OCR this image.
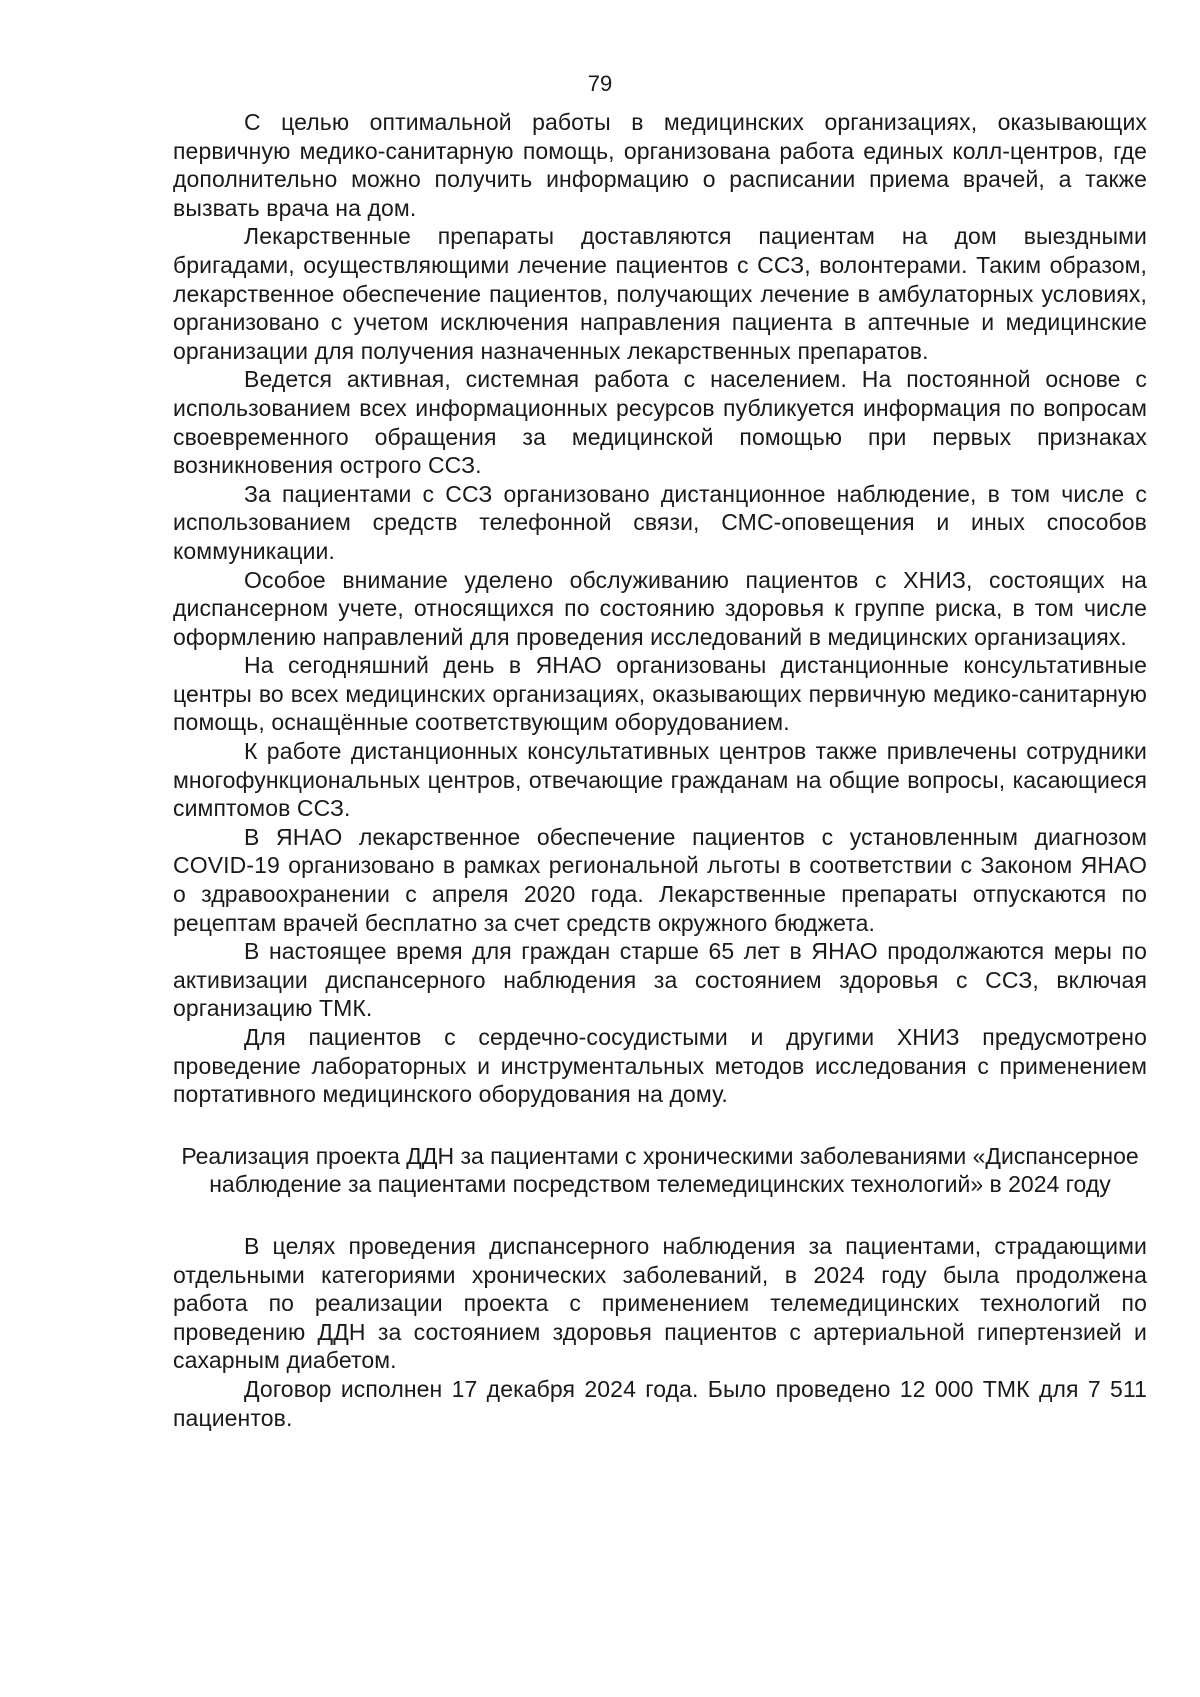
79

С целью оптимальной работы в медицинских организациях, оказывающих первичную медико-санитарную помощь, организована работа единых колл-центров, где дополнительно можно получить информацию о расписании приема врачей, а также вызвать врача на дом.

Лекарственные препараты доставляются пациентам на дом выездными бригадами, осуществляющими лечение пациентов с ССЗ, волонтерами. Таким образом, лекарственное обеспечение пациентов, получающих лечение в амбулаторных условиях, организовано с учетом исключения направления пациента в аптечные и медицинские организации для получения назначенных лекарственных препаратов.

Ведется активная, системная работа с населением. На постоянной основе с использованием всех информационных ресурсов публикуется информация по вопросам своевременного обращения за медицинской помощью при первых признаках возникновения острого ССЗ.

За пациентами с ССЗ организовано дистанционное наблюдение, в том числе с использованием средств телефонной связи, СМС-оповещения и иных способов коммуникации.

Особое внимание уделено обслуживанию пациентов с ХНИЗ, состоящих на диспансерном учете, относящихся по состоянию здоровья к группе риска, в том числе оформлению направлений для проведения исследований в медицинских организациях.

На сегодняшний день в ЯНАО организованы дистанционные консультативные центры во всех медицинских организациях, оказывающих первичную медико-санитарную помощь, оснащённые соответствующим оборудованием.

К работе дистанционных консультативных центров также привлечены сотрудники многофункциональных центров, отвечающие гражданам на общие вопросы, касающиеся симптомов ССЗ.

В ЯНАО лекарственное обеспечение пациентов с установленным диагнозом COVID-19 организовано в рамках региональной льготы в соответствии с Законом ЯНАО о здравоохранении с апреля 2020 года. Лекарственные препараты отпускаются по рецептам врачей бесплатно за счет средств окружного бюджета.

В настоящее время для граждан старше 65 лет в ЯНАО продолжаются меры по активизации диспансерного наблюдения за состоянием здоровья с ССЗ, включая организацию ТМК.

Для пациентов с сердечно-сосудистыми и другими ХНИЗ предусмотрено проведение лабораторных и инструментальных методов исследования с применением портативного медицинского оборудования на дому.

Реализация проекта ДДН за пациентами с хроническими заболеваниями «Диспансерное наблюдение за пациентами посредством телемедицинских технологий» в 2024 году

В целях проведения диспансерного наблюдения за пациентами, страдающими отдельными категориями хронических заболеваний, в 2024 году была продолжена работа по реализации проекта с применением телемедицинских технологий по проведению ДДН за состоянием здоровья пациентов с артериальной гипертензией и сахарным диабетом.

Договор исполнен 17 декабря 2024 года. Было проведено 12 000 ТМК для 7 511 пациентов.
